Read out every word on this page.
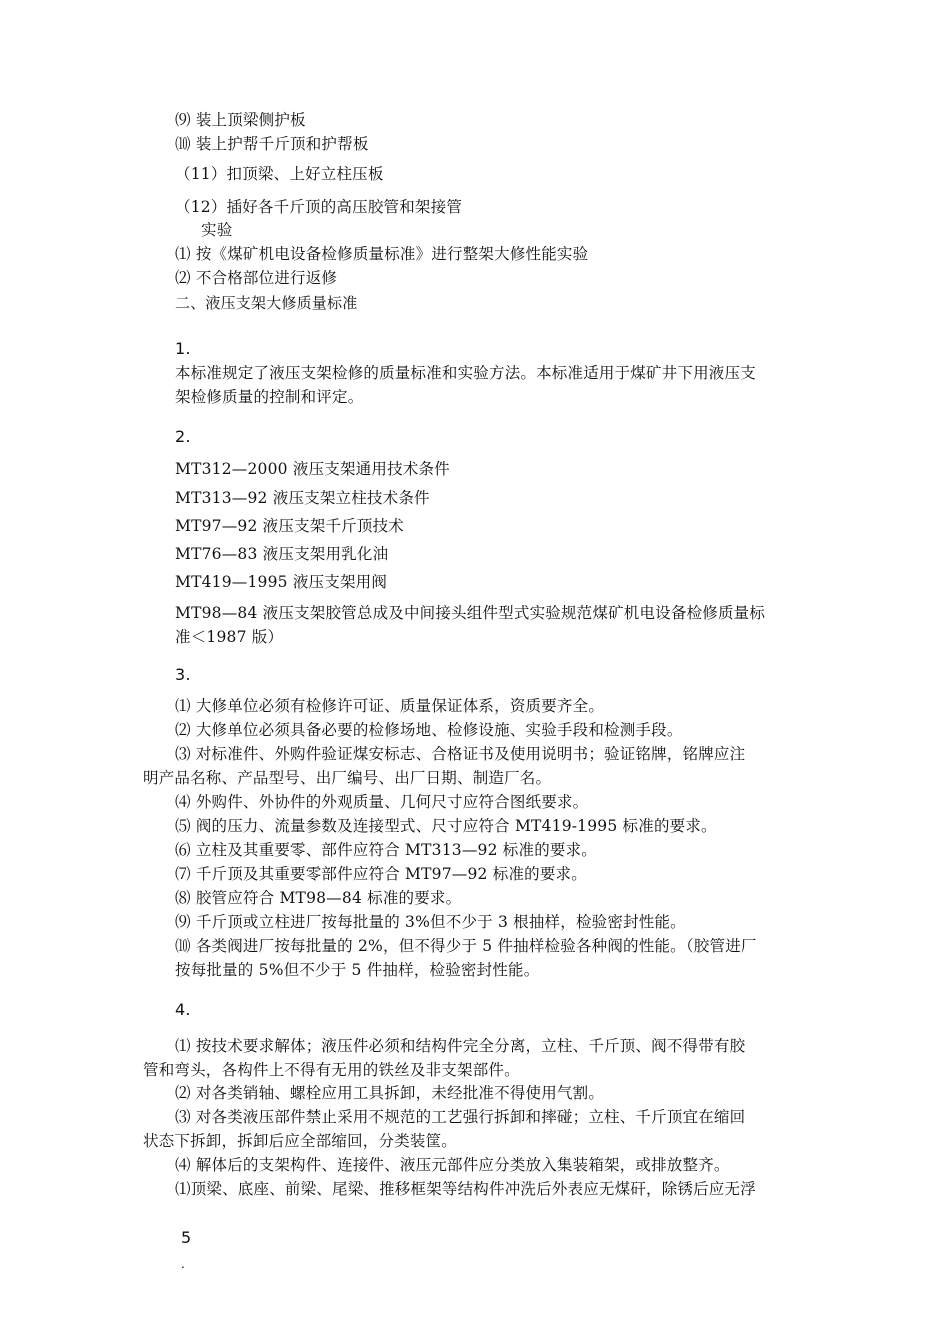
⑼ 装上顶梁侧护板
⑽ 装上护帮千斤顶和护帮板
（11）扣顶梁、上好立柱压板
（12）插好各千斤顶的高压胶管和架接管
实验
⑴ 按《煤矿机电设备检修质量标准》进行整架大修性能实验
⑵ 不合格部位进行返修
二、液压支架大修质量标准
1.
本标准规定了液压支架检修的质量标准和实验方法。本标准适用于煤矿井下用液压支
架检修质量的控制和评定。
2.
MT312—2000 液压支架通用技术条件
MT313—92 液压支架立柱技术条件
MT97—92 液压支架千斤顶技术
MT76—83 液压支架用乳化油
MT419—1995 液压支架用阀
MT98—84 液压支架胶管总成及中间接头组件型式实验规范煤矿机电设备检修质量标
准＜1987 版）
3.
⑴ 大修单位必须有检修许可证、质量保证体系，资质要齐全。
⑵ 大修单位必须具备必要的检修场地、检修设施、实验手段和检测手段。
⑶ 对标准件、外购件验证煤安标志、合格证书及使用说明书；验证铭牌，铭牌应注
明产品名称、产品型号、出厂编号、出厂日期、制造厂名。
⑷ 外购件、外协件的外观质量、几何尺寸应符合图纸要求。
⑸ 阀的压力、流量参数及连接型式、尺寸应符合 MT419-1995 标准的要求。
⑹ 立柱及其重要零、部件应符合 MT313—92 标准的要求。
⑺ 千斤顶及其重要零部件应符合 MT97—92 标准的要求。
⑻ 胶管应符合 MT98—84 标准的要求。
⑼ 千斤顶或立柱进厂按每批量的 3%但不少于 3 根抽样，检验密封性能。
⑽ 各类阀进厂按每批量的 2%，但不得少于 5 件抽样检验各种阀的性能。（胶管进厂
按每批量的 5%但不少于 5 件抽样，检验密封性能。
4.
⑴ 按技术要求解体；液压件必须和结构件完全分离，立柱、千斤顶、阀不得带有胶
管和弯头，各构件上不得有无用的铁丝及非支架部件。
⑵ 对各类销轴、螺栓应用工具拆卸，未经批准不得使用气割。
⑶ 对各类液压部件禁止采用不规范的工艺强行拆卸和摔碰；立柱、千斤顶宜在缩回
状态下拆卸，拆卸后应全部缩回，分类装筐。
⑷ 解体后的支架构件、连接件、液压元部件应分类放入集装箱架，或排放整齐。
⑴顶梁、底座、前梁、尾梁、推移框架等结构件冲洗后外表应无煤矸，除锈后应无浮
5
.
